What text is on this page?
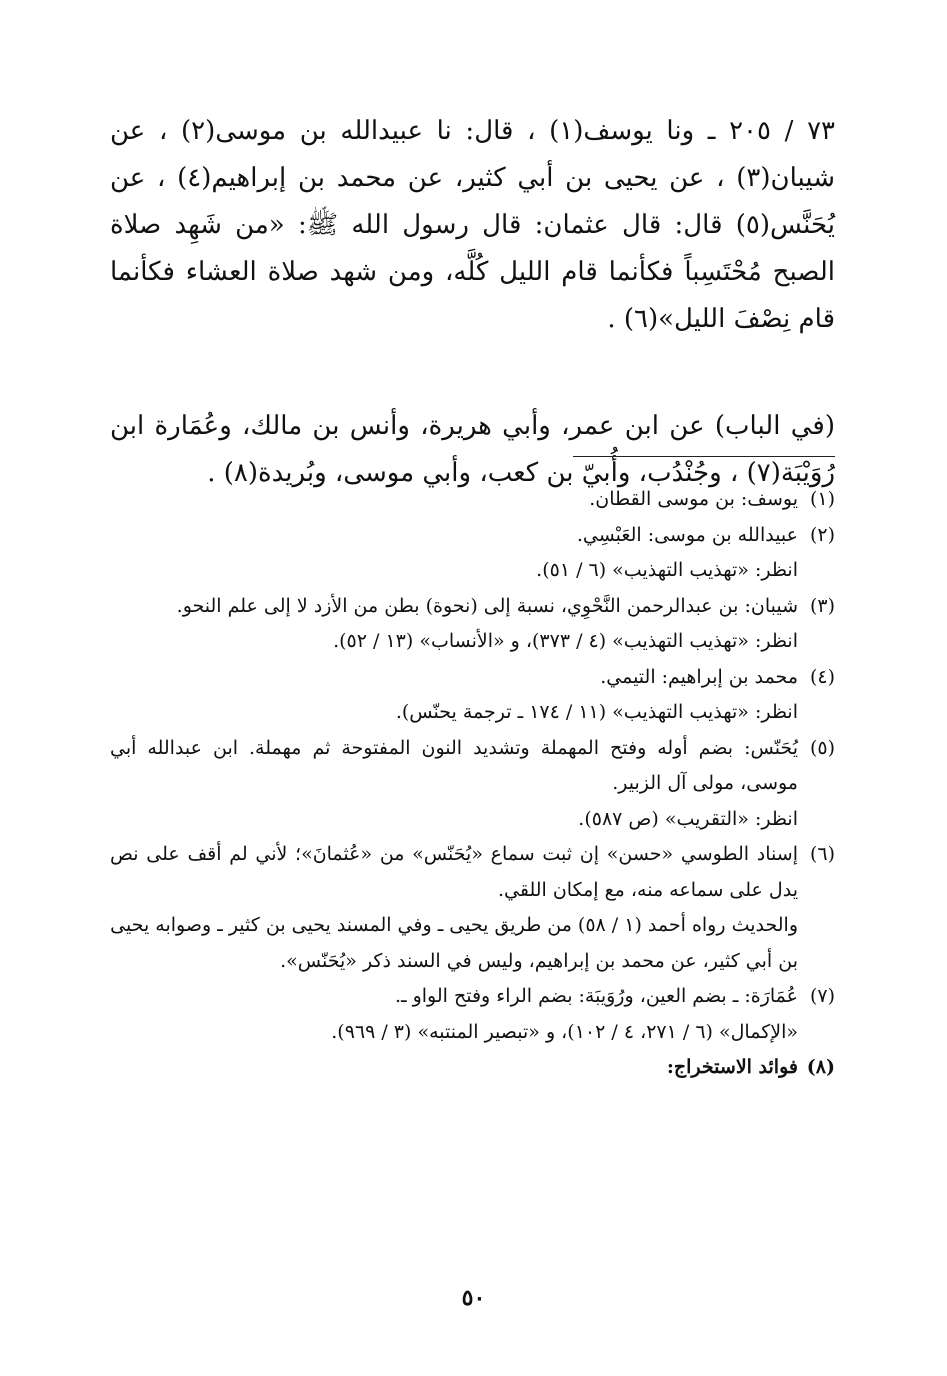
٧٣ / ٢٠٥ ـ ونا يوسف(١) ، قال: نا عبيدالله بن موسى(٢) ، عن شيبان(٣) ، عن يحيى بن أبي كثير، عن محمد بن إبراهيم(٤) ، عن يُحَنَّس(٥) قال: قال عثمان: قال رسول الله ﷺ: «من شَهِد صلاة الصبح مُحْتَسِباً فكأنما قام الليل كُلَّه، ومن شهد صلاة العشاء فكأنما قام نِصْفَ الليل»(٦) .

(في الباب) عن ابن عمر، وأبي هريرة، وأنس بن مالك، وعُمَارة ابن رُوَيْبَة(٧) ، وجُنْدُب، وأُبيّ بن كعب، وأبي موسى، وبُريدة(٨) .

(١)
يوسف: بن موسى القطان.
(٢)
عبيدالله بن موسى: العَبْسِي.
انظر: «تهذيب التهذيب» (٦ / ٥١).
(٣)
شيبان: بن عبدالرحمن النَّحْوِي، نسبة إلى (نحوة) بطن من الأزد لا إلى علم النحو.
انظر: «تهذيب التهذيب» (٤ / ٣٧٣)، و «الأنساب» (١٣ / ٥٢).
(٤)
محمد بن إبراهيم: التيمي.
انظر: «تهذيب التهذيب» (١١ / ١٧٤ ـ ترجمة يحنّس).
(٥)
يُحَنّس: بضم أوله وفتح المهملة وتشديد النون المفتوحة ثم مهملة. ابن عبدالله أبي موسى، مولى آل الزبير.
انظر: «التقريب» (ص ٥٨٧).
(٦)
إسناد الطوسي «حسن» إن ثبت سماع «يُحَنّس» من «عُثمانَ»؛ لأني لم أقف على نص يدل على سماعه منه، مع إمكان اللقي.
والحديث رواه أحمد (١ / ٥٨) من طريق يحيى ـ وفي المسند يحيى بن كثير ـ وصوابه يحيى بن أبي كثير، عن محمد بن إبراهيم، وليس في السند ذكر «يُحَنّس».
(٧)
عُمَارَة: ـ بضم العين، ورُوَيبَة: بضم الراء وفتح الواو ـ.
«الإكمال» (٦ / ٢٧١، ٤ / ١٠٢)، و «تبصير المنتبه» (٣ / ٩٦٩).
(٨)
فوائد الاستخراج:
٥٠
